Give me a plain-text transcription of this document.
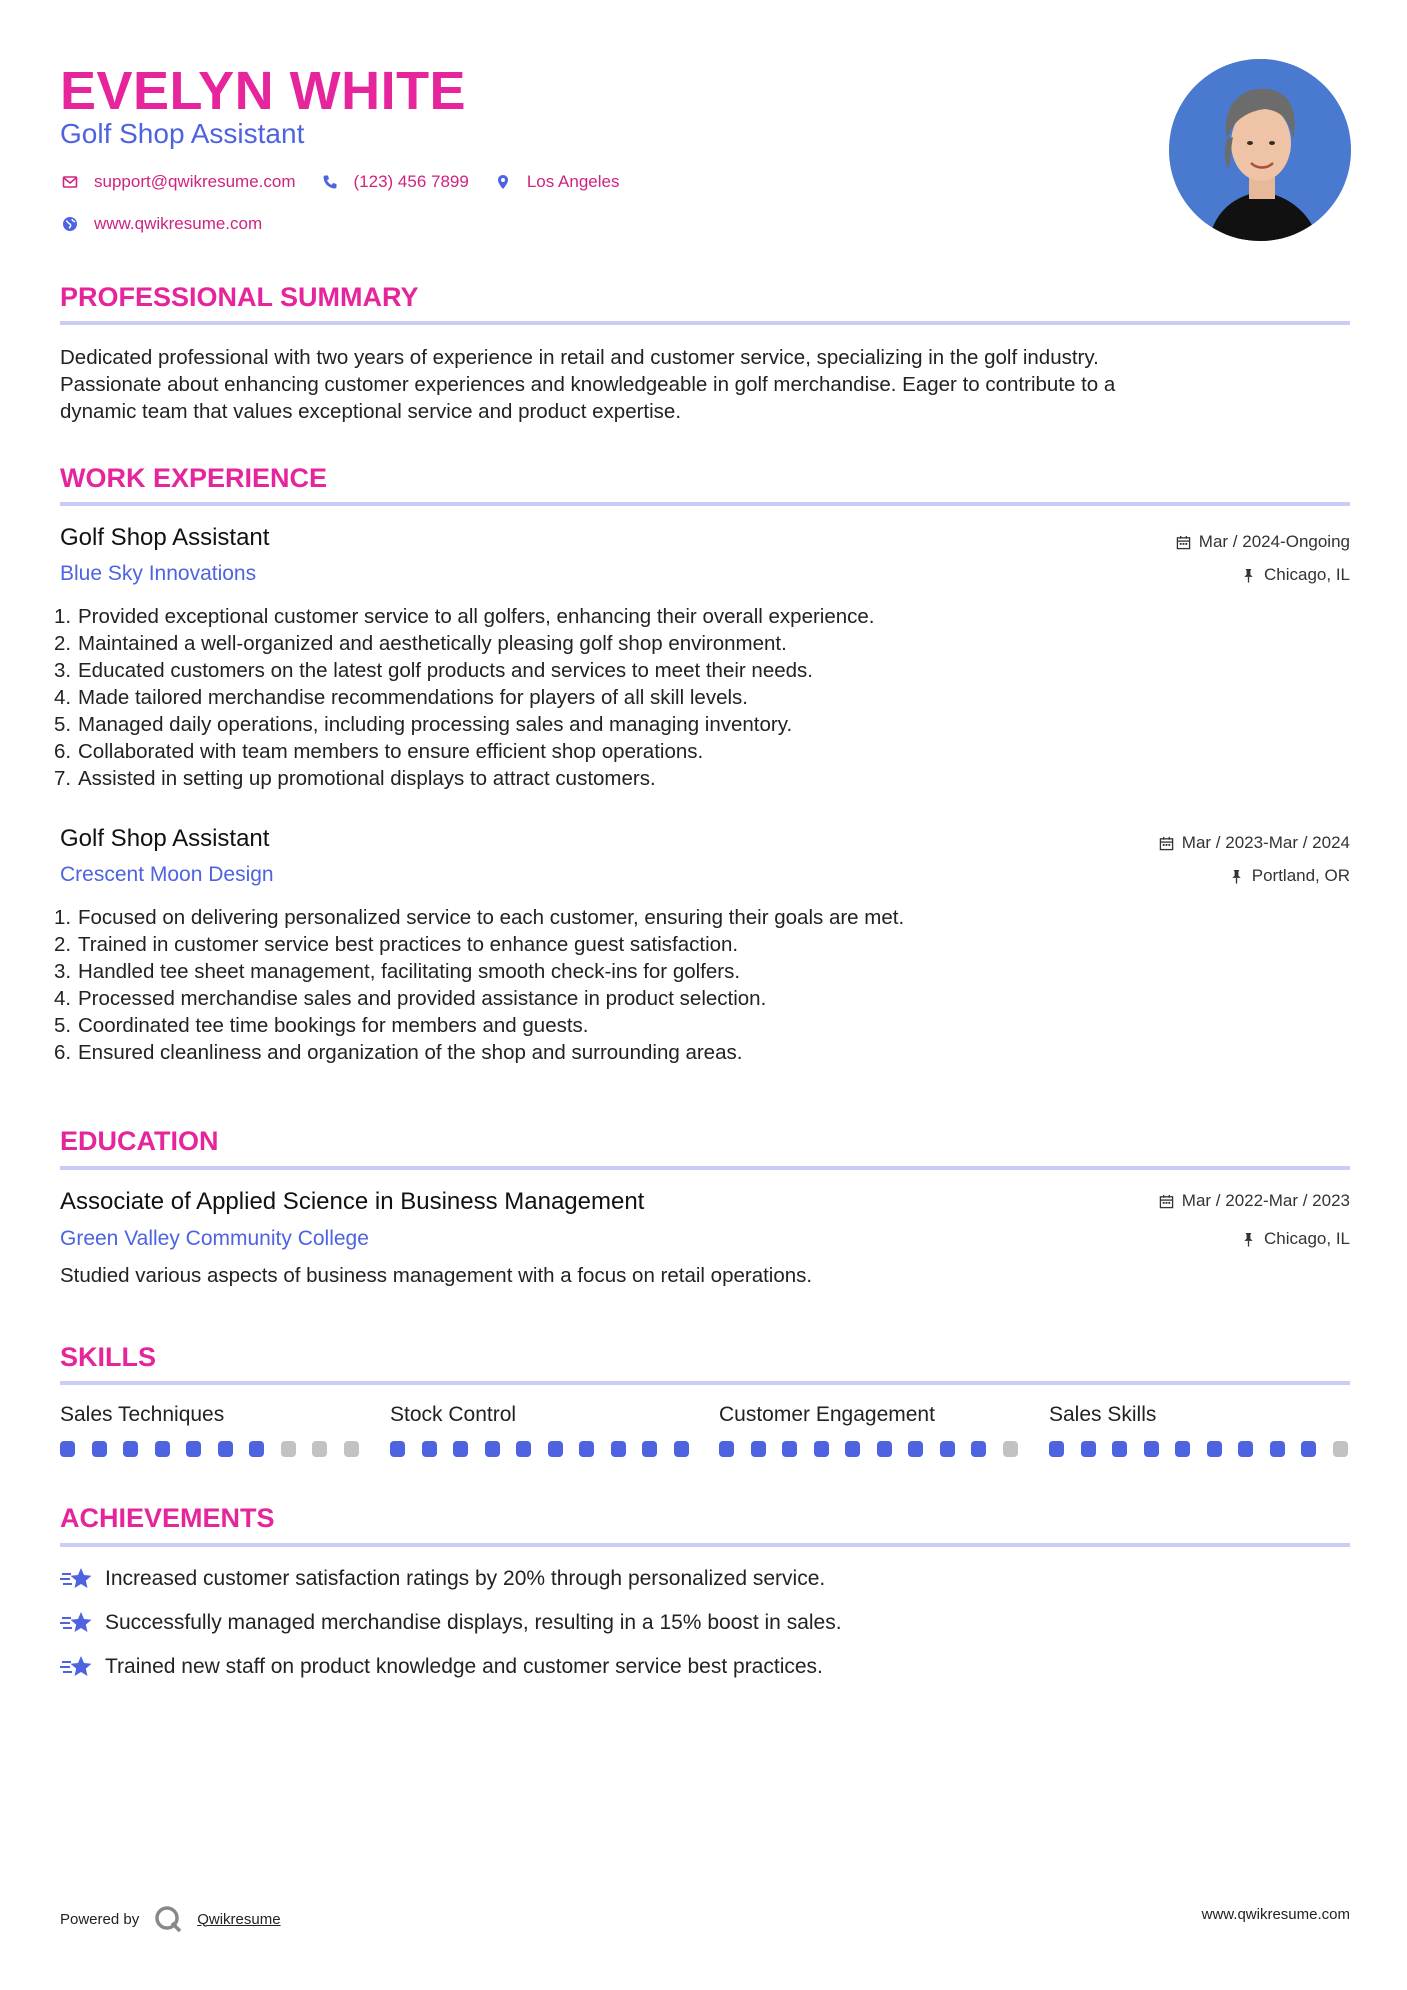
EVELYN WHITE
Golf Shop Assistant
support@qwikresume.com	(123) 456 7899	Los Angeles
www.qwikresume.com
PROFESSIONAL SUMMARY
Dedicated professional with two years of experience in retail and customer service, specializing in the golf industry.
Passionate about enhancing customer experiences and knowledgeable in golf merchandise. Eager to contribute to a
dynamic team that values exceptional service and product expertise.
WORK EXPERIENCE
Golf Shop Assistant
Blue Sky Innovations
Mar / 2024-Ongoing
Chicago, IL
1. Provided exceptional customer service to all golfers, enhancing their overall experience.
2. Maintained a well-organized and aesthetically pleasing golf shop environment.
3. Educated customers on the latest golf products and services to meet their needs.
4. Made tailored merchandise recommendations for players of all skill levels.
5. Managed daily operations, including processing sales and managing inventory.
6. Collaborated with team members to ensure efficient shop operations.
7. Assisted in setting up promotional displays to attract customers.
Golf Shop Assistant
Crescent Moon Design
Mar / 2023-Mar / 2024
Portland, OR
1. Focused on delivering personalized service to each customer, ensuring their goals are met.
2. Trained in customer service best practices to enhance guest satisfaction.
3. Handled tee sheet management, facilitating smooth check-ins for golfers.
4. Processed merchandise sales and provided assistance in product selection.
5. Coordinated tee time bookings for members and guests.
6. Ensured cleanliness and organization of the shop and surrounding areas.
EDUCATION
Associate of Applied Science in Business Management
Green Valley Community College
Mar / 2022-Mar / 2023
Chicago, IL
Studied various aspects of business management with a focus on retail operations.
SKILLS
Sales Techniques	Stock Control	Customer Engagement	Sales Skills
ACHIEVEMENTS
Increased customer satisfaction ratings by 20% through personalized service.
Successfully managed merchandise displays, resulting in a 15% boost in sales.
Trained new staff on product knowledge and customer service best practices.
Powered by	Qwikresume	www.qwikresume.com
